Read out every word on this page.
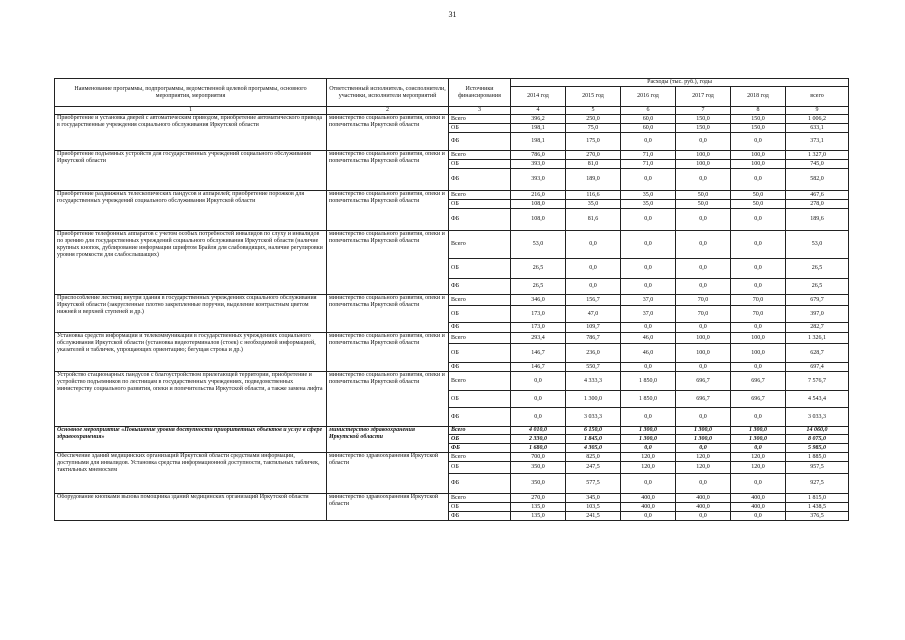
31
Наименование программы, подпрограммы, ведомственной целевой программы, основного мероприятия, мероприятия	Ответственный исполнитель, соисполнители, участники, исполнители мероприятий	Источники финансирования	Расходы (тыс. руб.), годы					
			2014 год	2015 год	2016 год	2017 год	2018 год	всего
1	2	3	4	5	6	7	8	9
Приобретение и установка дверей с автоматическим приводом, приобретение автоматического привода в государственные учреждения социального обслуживания Иркутской области	министерство социального развития, опеки и попечительства Иркутской области	Всего	396,2	250,0	60,0	150,0	150,0	1 006,2
		ОБ	198,1	75,0	60,0	150,0	150,0	633,1
		ФБ	198,1	175,0	0,0	0,0	0,0	373,1
Приобретение подъемных устройств для государственных учреждений социального обслуживания Иркутской области	министерство социального развития, опеки и попечительства Иркутской области	Всего	786,0	270,0	71,0	100,0	100,0	1 327,0
		ОБ	393,0	81,0	71,0	100,0	100,0	745,0
		ФБ	393,0	189,0	0,0	0,0	0,0	582,0
Приобретение раздвижных телескопических пандусов и аппарелей; приобретение порожков для государственных учреждений социального обслуживания Иркутской области	министерство социального развития, опеки и попечительства Иркутской области	Всего	216,0	116,6	35,0	50,0	50,0	467,6
		ОБ	108,0	35,0	35,0	50,0	50,0	278,0
		ФБ	108,0	81,6	0,0	0,0	0,0	189,6
Приобретение телефонных аппаратов с учетом особых потребностей инвалидов по слуху и инвалидов по зрению для государственных учреждений социального обслуживания Иркутской области (наличие крупных кнопок, дублирование информации шрифтом Брайля для слабовидящих, наличие регулировки уровня громкости для слабослышащих)	министерство социального развития, опеки и попечительства Иркутской области	Всего	53,0	0,0	0,0	0,0	0,0	53,0
		ОБ	26,5	0,0	0,0	0,0	0,0	26,5
		ФБ	26,5	0,0	0,0	0,0	0,0	26,5
Приспособление лестниц внутри здания в государственных учреждениях социального обслуживания Иркутской области (закругленные плотно закрепленные поручни, выделение контрастным цветом нижней и верхней ступеней и др.)	министерство социального развития, опеки и попечительства Иркутской области	Всего	346,0	156,7	37,0	70,0	70,0	679,7
		ОБ	173,0	47,0	37,0	70,0	70,0	397,0
		ФБ	173,0	109,7	0,0	0,0	0,0	282,7
Установка средств информации и телекоммуникации в государственных учреждениях социального обслуживания Иркутской области (установка видеотерминалов (стоек) с необходимой информацией, указателей и табличек, упрощающих ориентацию; бегущая строка и др.)	министерство социального развития, опеки и попечительства Иркутской области	Всего	293,4	786,7	46,0	100,0	100,0	1 326,1
		ОБ	146,7	236,0	46,0	100,0	100,0	628,7
		ФБ	146,7	550,7	0,0	0,0	0,0	697,4
Устройство стационарных пандусов с благоустройством прилегающей территории, приобретение и устройство подъемников по лестницам в государственных учреждениях, подведомственных министерству социального развития, опеки и попечительства Иркутской области, а также замена лифта	министерство социального развития, опеки и попечительства Иркутской области	Всего	0,0	4 333,3	1 850,0	696,7	696,7	7 576,7
		ОБ	0,0	1 300,0	1 850,0	696,7	696,7	4 543,4
		ФБ	0,0	3 033,3	0,0	0,0	0,0	3 033,3
Основное мероприятие «Повышение уровня доступности приоритетных объектов и услуг в сфере здравоохранения»	министерство здравоохранения Иркутской области	Всего	4 010,0	6 150,0	1 300,0	1 300,0	1 300,0	14 060,0
		ОБ	2 330,0	1 845,0	1 300,0	1 300,0	1 300,0	8 075,0
		ФБ	1 680,0	4 305,0	0,0	0,0	0,0	5 985,0
Обеспечение зданий медицинских организаций Иркутской области средствами информации, доступными для инвалидов. Установка средства информационной доступности, тактильных табличек, тактильных мнемосхем	министерство здравоохранения Иркутской области	Всего	700,0	825,0	120,0	120,0	120,0	1 885,0
		ОБ	350,0	247,5	120,0	120,0	120,0	957,5
		ФБ	350,0	577,5	0,0	0,0	0,0	927,5
Оборудование кнопками вызова помощника зданий медицинских организаций Иркутской области	министерство здравоохранения Иркутской области	Всего	270,0	345,0	400,0	400,0	400,0	1 815,0
		ОБ	135,0	103,5	400,0	400,0	400,0	1 438,5
		ФБ	135,0	241,5	0,0	0,0	0,0	376,5
